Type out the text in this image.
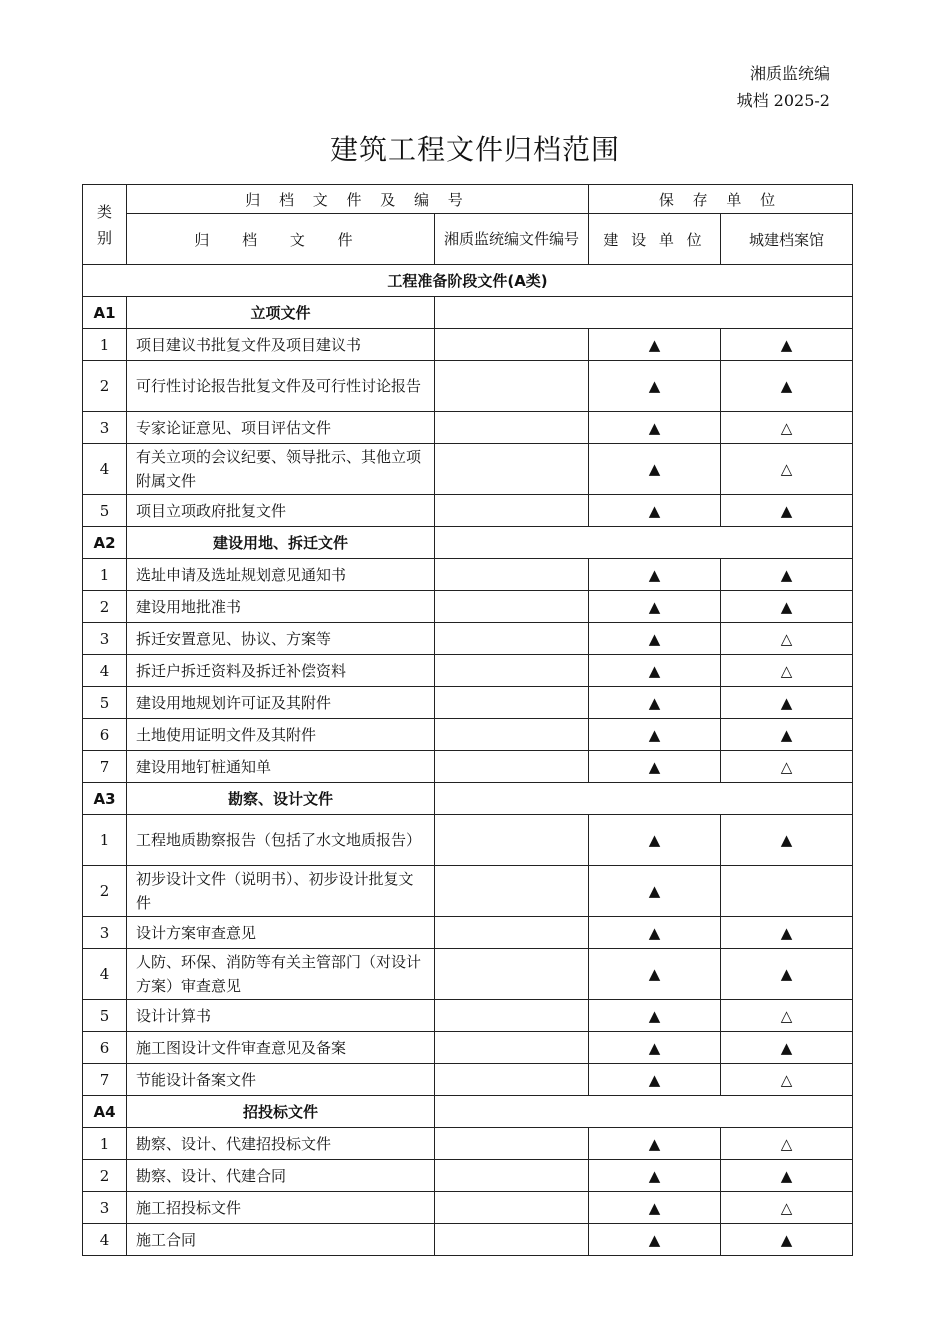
湘质监统编
城档 2025-2
建筑工程文件归档范围
类
别	归 档 文 件 及 编 号		保 存 单 位	
	归 档 文 件	湘质监统编文件编号	建 设 单 位	城建档案馆
工程准备阶段文件(A类)				
A1	立项文件			
1	项目建议书批复文件及项目建议书		▲	▲
2	可行性讨论报告批复文件及可行性讨论报告		▲	▲
3	专家论证意见、项目评估文件		▲	△
4	有关立项的会议纪要、领导批示、其他立项附属文件		▲	△
5	项目立项政府批复文件		▲	▲
A2	建设用地、拆迁文件			
1	选址申请及选址规划意见通知书		▲	▲
2	建设用地批准书		▲	▲
3	拆迁安置意见、协议、方案等		▲	△
4	拆迁户拆迁资料及拆迁补偿资料		▲	△
5	建设用地规划许可证及其附件		▲	▲
6	土地使用证明文件及其附件		▲	▲
7	建设用地钉桩通知单		▲	△
A3	勘察、设计文件			
1	工程地质勘察报告（包括了水文地质报告）		▲	▲
2	初步设计文件（说明书）、初步设计批复文件		▲	
3	设计方案审查意见		▲	▲
4	人防、环保、消防等有关主管部门（对设计方案）审查意见		▲	▲
5	设计计算书		▲	△
6	施工图设计文件审查意见及备案		▲	▲
7	节能设计备案文件		▲	△
A4	招投标文件			
1	勘察、设计、代建招投标文件		▲	△
2	勘察、设计、代建合同		▲	▲
3	施工招投标文件		▲	△
4	施工合同		▲	▲
